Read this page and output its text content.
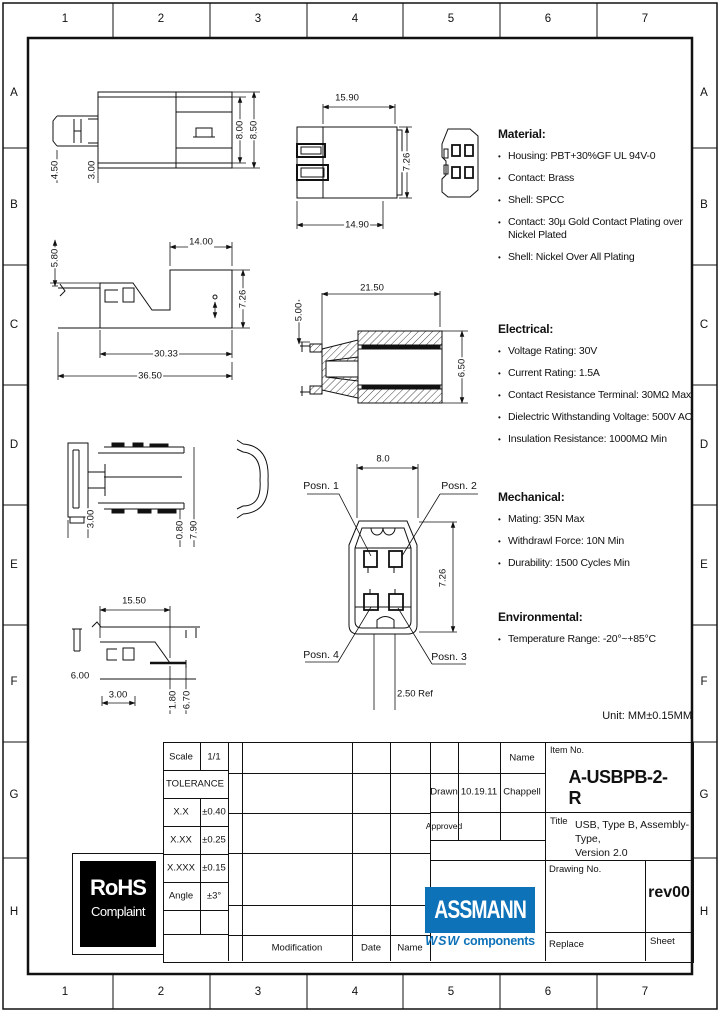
1	2	3	4	5	6	7
1	2	3	4	5	6	7
A
B
C
D
E
F
G
H
A
B
C
D
E
F
G
H
4.50	3.00
8.00 8.50
15.90
7.26
14.90
14.00
5.80
7.26
30.33
36.50
21.50
5.00
6.50
3.00
0.80 7.90
15.50
6.00
3.00	1.80 6.70
8.0
7.26
2.50 Ref
Posn. 1	Posn. 2
Posn. 4	Posn. 3
Material:
• Housing: PBT+30%GF UL 94V-0
• Contact: Brass
• Shell: SPCC
• Contact: 30µ Gold Contact Plating over Nickel Plated
• Shell: Nickel Over All Plating
Electrical:
• Voltage Rating: 30V
• Current Rating: 1.5A
• Contact Resistance Terminal: 30MΩ Max
• Dielectric Withstanding Voltage: 500V AC
• Insulation Resistance: 1000MΩ Min
Mechanical:
• Mating: 35N Max
• Withdrawl Force: 10N Min
• Durability: 1500 Cycles Min
Environmental:
• Temperature Range: -20°~+85°C
Unit: MM±0.15MM
Scale 1/1
TOLERANCE
X.X ±0.40
X.XX ±0.25
X.XXX ±0.15
Angle ±3°
Modification	Date Name
Name
Drawn 10.19.11 Chappell
Approved
Item No.
A-USBPB-2-R
Title USB, Type B, Assembly-Type,
Version 2.0
Drawing No.
rev00
Replace	Sheet
RoHS
Complaint	ASSMANN
WSW components
